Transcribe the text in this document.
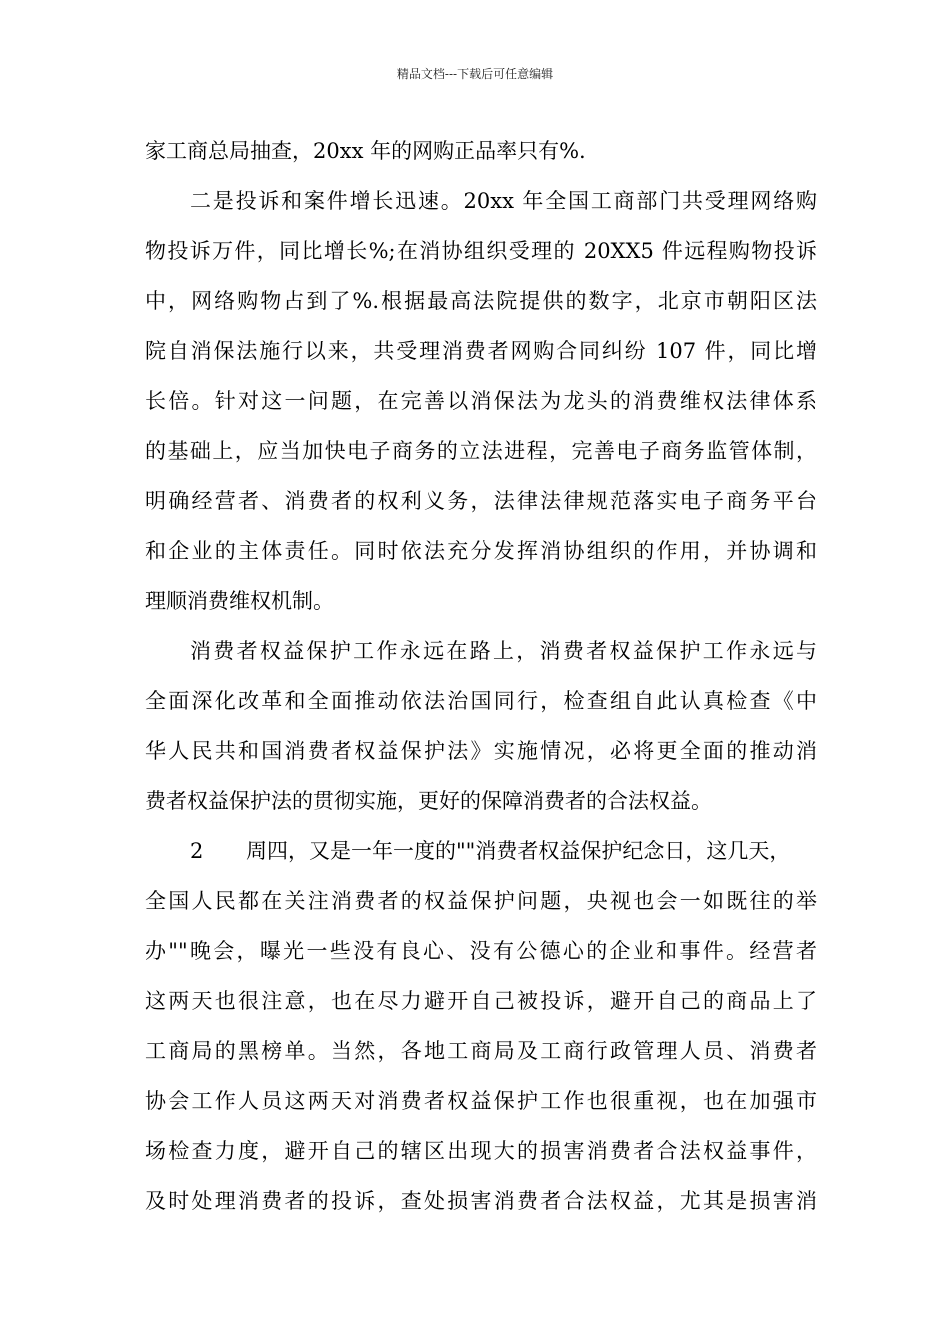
精品文档---下载后可任意编辑
家工商总局抽查，20xx 年的网购正品率只有%.
二是投诉和案件增长迅速。20xx 年全国工商部门共受理网络购
物投诉万件，同比增长%;在消协组织受理的 20XX5 件远程购物投诉
中，网络购物占到了%.根据最高法院提供的数字，北京市朝阳区法
院自消保法施行以来，共受理消费者网购合同纠纷 107 件，同比增
长倍。针对这一问题，在完善以消保法为龙头的消费维权法律体系
的基础上，应当加快电子商务的立法进程，完善电子商务监管体制，
明确经营者、消费者的权利义务，法律法律规范落实电子商务平台
和企业的主体责任。同时依法充分发挥消协组织的作用，并协调和
理顺消费维权机制。
消费者权益保护工作永远在路上，消费者权益保护工作永远与
全面深化改革和全面推动依法治国同行，检查组自此认真检查《中
华人民共和国消费者权益保护法》实施情况，必将更全面的推动消
费者权益保护法的贯彻实施，更好的保障消费者的合法权益。
2 周四，又是一年一度的""消费者权益保护纪念日，这几天，
全国人民都在关注消费者的权益保护问题，央视也会一如既往的举
办""晚会，曝光一些没有良心、没有公德心的企业和事件。经营者
这两天也很注意，也在尽力避开自己被投诉，避开自己的商品上了
工商局的黑榜单。当然，各地工商局及工商行政管理人员、消费者
协会工作人员这两天对消费者权益保护工作也很重视，也在加强市
场检查力度，避开自己的辖区出现大的损害消费者合法权益事件，
及时处理消费者的投诉，查处损害消费者合法权益，尤其是损害消
